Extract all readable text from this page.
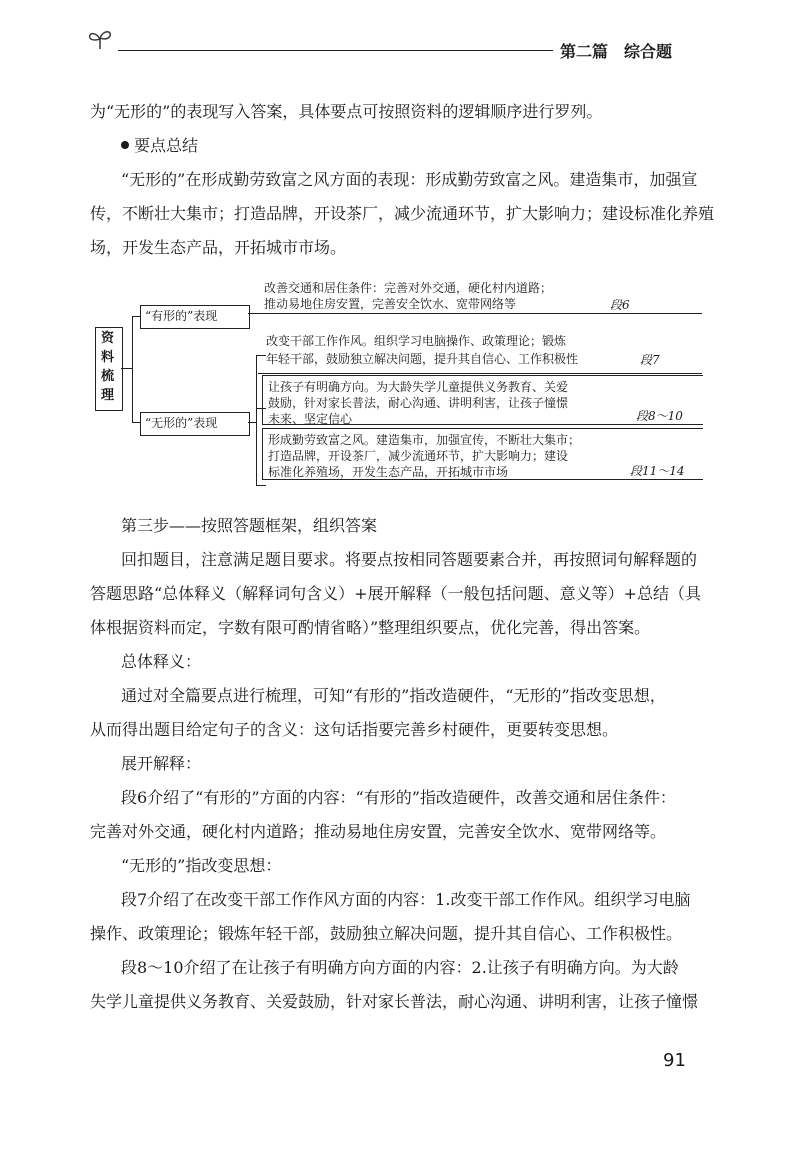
第二篇　综合题
为“无形的”的表现写入答案，具体要点可按照资料的逻辑顺序进行罗列。
要点总结
“无形的”在形成勤劳致富之风方面的表现：形成勤劳致富之风。建造集市，加强宣
传，不断壮大集市；打造品牌，开设茶厂，减少流通环节，扩大影响力；建设标准化养殖
场，开发生态产品，开拓城市市场。
资
料
梳
理
“有形的”表现
改善交通和居住条件：完善对外交通，硬化村内道路；
推动易地住房安置，完善安全饮水、宽带网络等	段6
“无形的”表现
改变干部工作作风。组织学习电脑操作、政策理论；锻炼
年轻干部，鼓励独立解决问题，提升其自信心、工作积极性	段7
让孩子有明确方向。为大龄失学儿童提供义务教育、关爱
鼓励，针对家长普法，耐心沟通、讲明利害，让孩子憧憬
未来、坚定信心	段8～10
形成勤劳致富之风。建造集市，加强宣传，不断壮大集市；
打造品牌，开设茶厂，减少流通环节，扩大影响力；建设
标准化养殖场，开发生态产品，开拓城市市场	段11～14
第三步——按照答题框架，组织答案
回扣题目，注意满足题目要求。将要点按相同答题要素合并，再按照词句解释题的
答题思路“总体释义（解释词句含义）+展开解释（一般包括问题、意义等）+总结（具
体根据资料而定，字数有限可酌情省略）”整理组织要点，优化完善，得出答案。
总体释义：
通过对全篇要点进行梳理，可知“有形的”指改造硬件，“无形的”指改变思想，
从而得出题目给定句子的含义：这句话指要完善乡村硬件，更要转变思想。
展开解释：
段6介绍了“有形的”方面的内容：“有形的”指改造硬件，改善交通和居住条件：
完善对外交通，硬化村内道路；推动易地住房安置，完善安全饮水、宽带网络等。
“无形的”指改变思想：
段7介绍了在改变干部工作作风方面的内容：1.改变干部工作作风。组织学习电脑
操作、政策理论；锻炼年轻干部，鼓励独立解决问题，提升其自信心、工作积极性。
段8～10介绍了在让孩子有明确方向方面的内容：2.让孩子有明确方向。为大龄
失学儿童提供义务教育、关爱鼓励，针对家长普法，耐心沟通、讲明利害，让孩子憧憬
91
